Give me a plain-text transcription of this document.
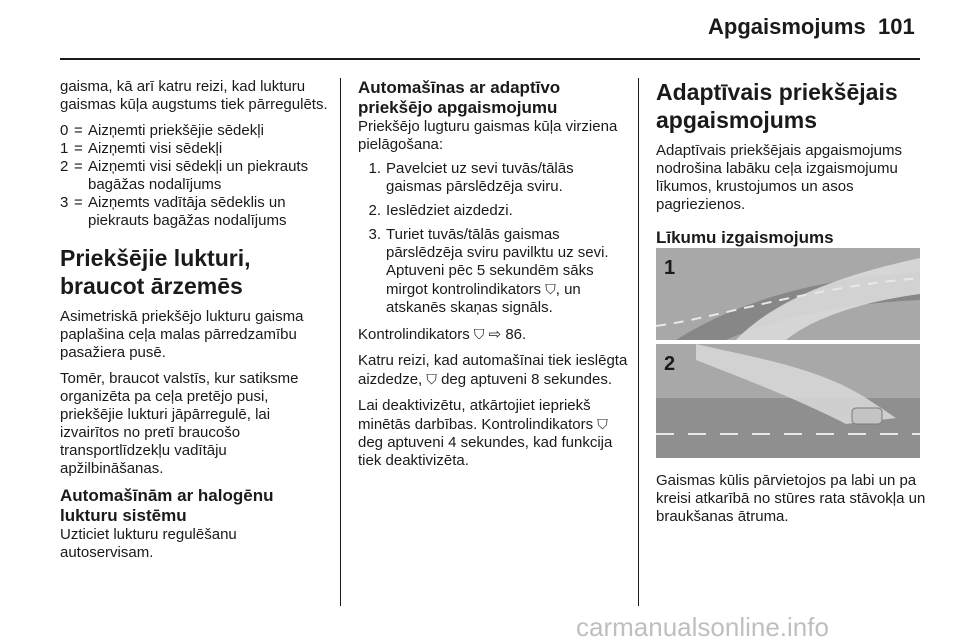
Apgaismojums 101

gaisma, kā arī katru reizi, kad lukturu gaismas kūļa augstums tiek pārregulēts.

0 = Aizņemti priekšējie sēdekļi
1 = Aizņemti visi sēdekļi
2 = Aizņemti visi sēdekļi un piekrauts bagāžas nodalījums
3 = Aizņemts vadītāja sēdeklis un piekrauts bagāžas nodalījums
Priekšējie lukturi, braucot ārzemēs

Asimetriskā priekšējo lukturu gaisma paplašina ceļa malas pārredzamību pasažiera pusē.

Tomēr, braucot valstīs, kur satiksme organizēta pa ceļa pretējo pusi, priekšējie lukturi jāpārregulē, lai izvairītos no pretī braucošo transportlīdzekļu vadītāju apžilbināšanas.

Automašīnām ar halogēnu lukturu sistēmu

Uzticiet lukturu regulēšanu autoservisam.

Automašīnas ar adaptīvo priekšējo apgaismojumu

Priekšējo lugturu gaismas kūļa virziena pielāgošana:

1. Pavelciet uz sevi tuvās/tālās gaismas pārslēdzēja sviru.
2. Ieslēdziet aizdedzi.
3. Turiet tuvās/tālās gaismas pārslēdzēja sviru pavilktu uz sevi. Aptuveni pēc 5 sekundēm sāks mirgot kontrolindikators ⛉, un atskanēs skaņas signāls.

Kontrolindikators ⛉ ⇨ 86.

Katru reizi, kad automašīnai tiek ieslēgta aizdedze, ⛉ deg aptuveni 8 sekundes.

Lai deaktivizētu, atkārtojiet iepriekš minētās darbības. Kontrolindikators ⛉ deg aptuveni 4 sekundes, kad funkcija tiek deaktivizēta.

Adaptīvais priekšējais apgaismojums

Adaptīvais priekšējais apgaismojums nodrošina labāku ceļa izgaismojumu līkumos, krustojumos un asos pagriezienos.

Līkumu izgaismojums
1
2

Gaismas kūlis pārvietojos pa labi un pa kreisi atkarībā no stūres rata stāvokļa un braukšanas ātruma.

carmanualsonline.info
